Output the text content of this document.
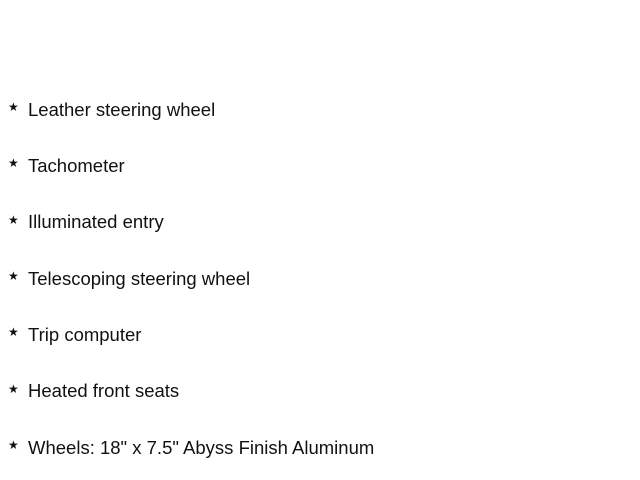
★ Leather steering wheel
★ Tachometer
★ Illuminated entry
★ Telescoping steering wheel
★ Trip computer
★ Heated front seats
★ Wheels: 18" x 7.5" Abyss Finish Aluminum
